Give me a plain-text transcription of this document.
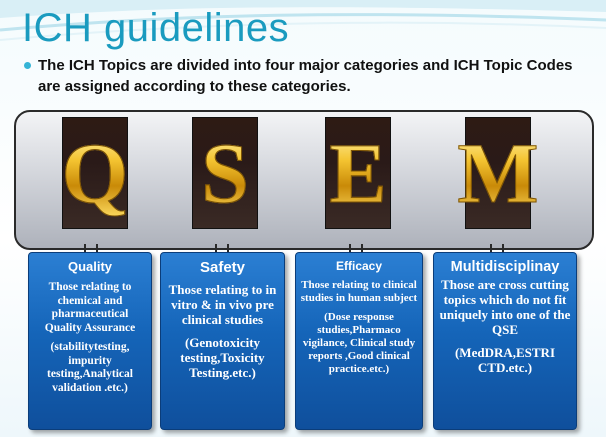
ICH guidelines
The ICH Topics are divided into four major categories and ICH Topic Codes are assigned according to these categories.
Q S E M
Quality
Those relating to chemical and pharmaceutical Quality Assurance
(stabilitytesting, impurity testing,Analytical validation .etc.)
Safety
Those relating to in vitro & in vivo pre clinical studies
(Genotoxicity testing,Toxicity Testing.etc.)
Efficacy
Those relating to clinical studies in human subject
(Dose response studies,Pharmaco vigilance, Clinical study reports ,Good clinical practice.etc.)
Multidisciplinay
Those are cross cutting topics which do not fit uniquely into one of the QSE
(MedDRA,ESTRI CTD.etc.)
